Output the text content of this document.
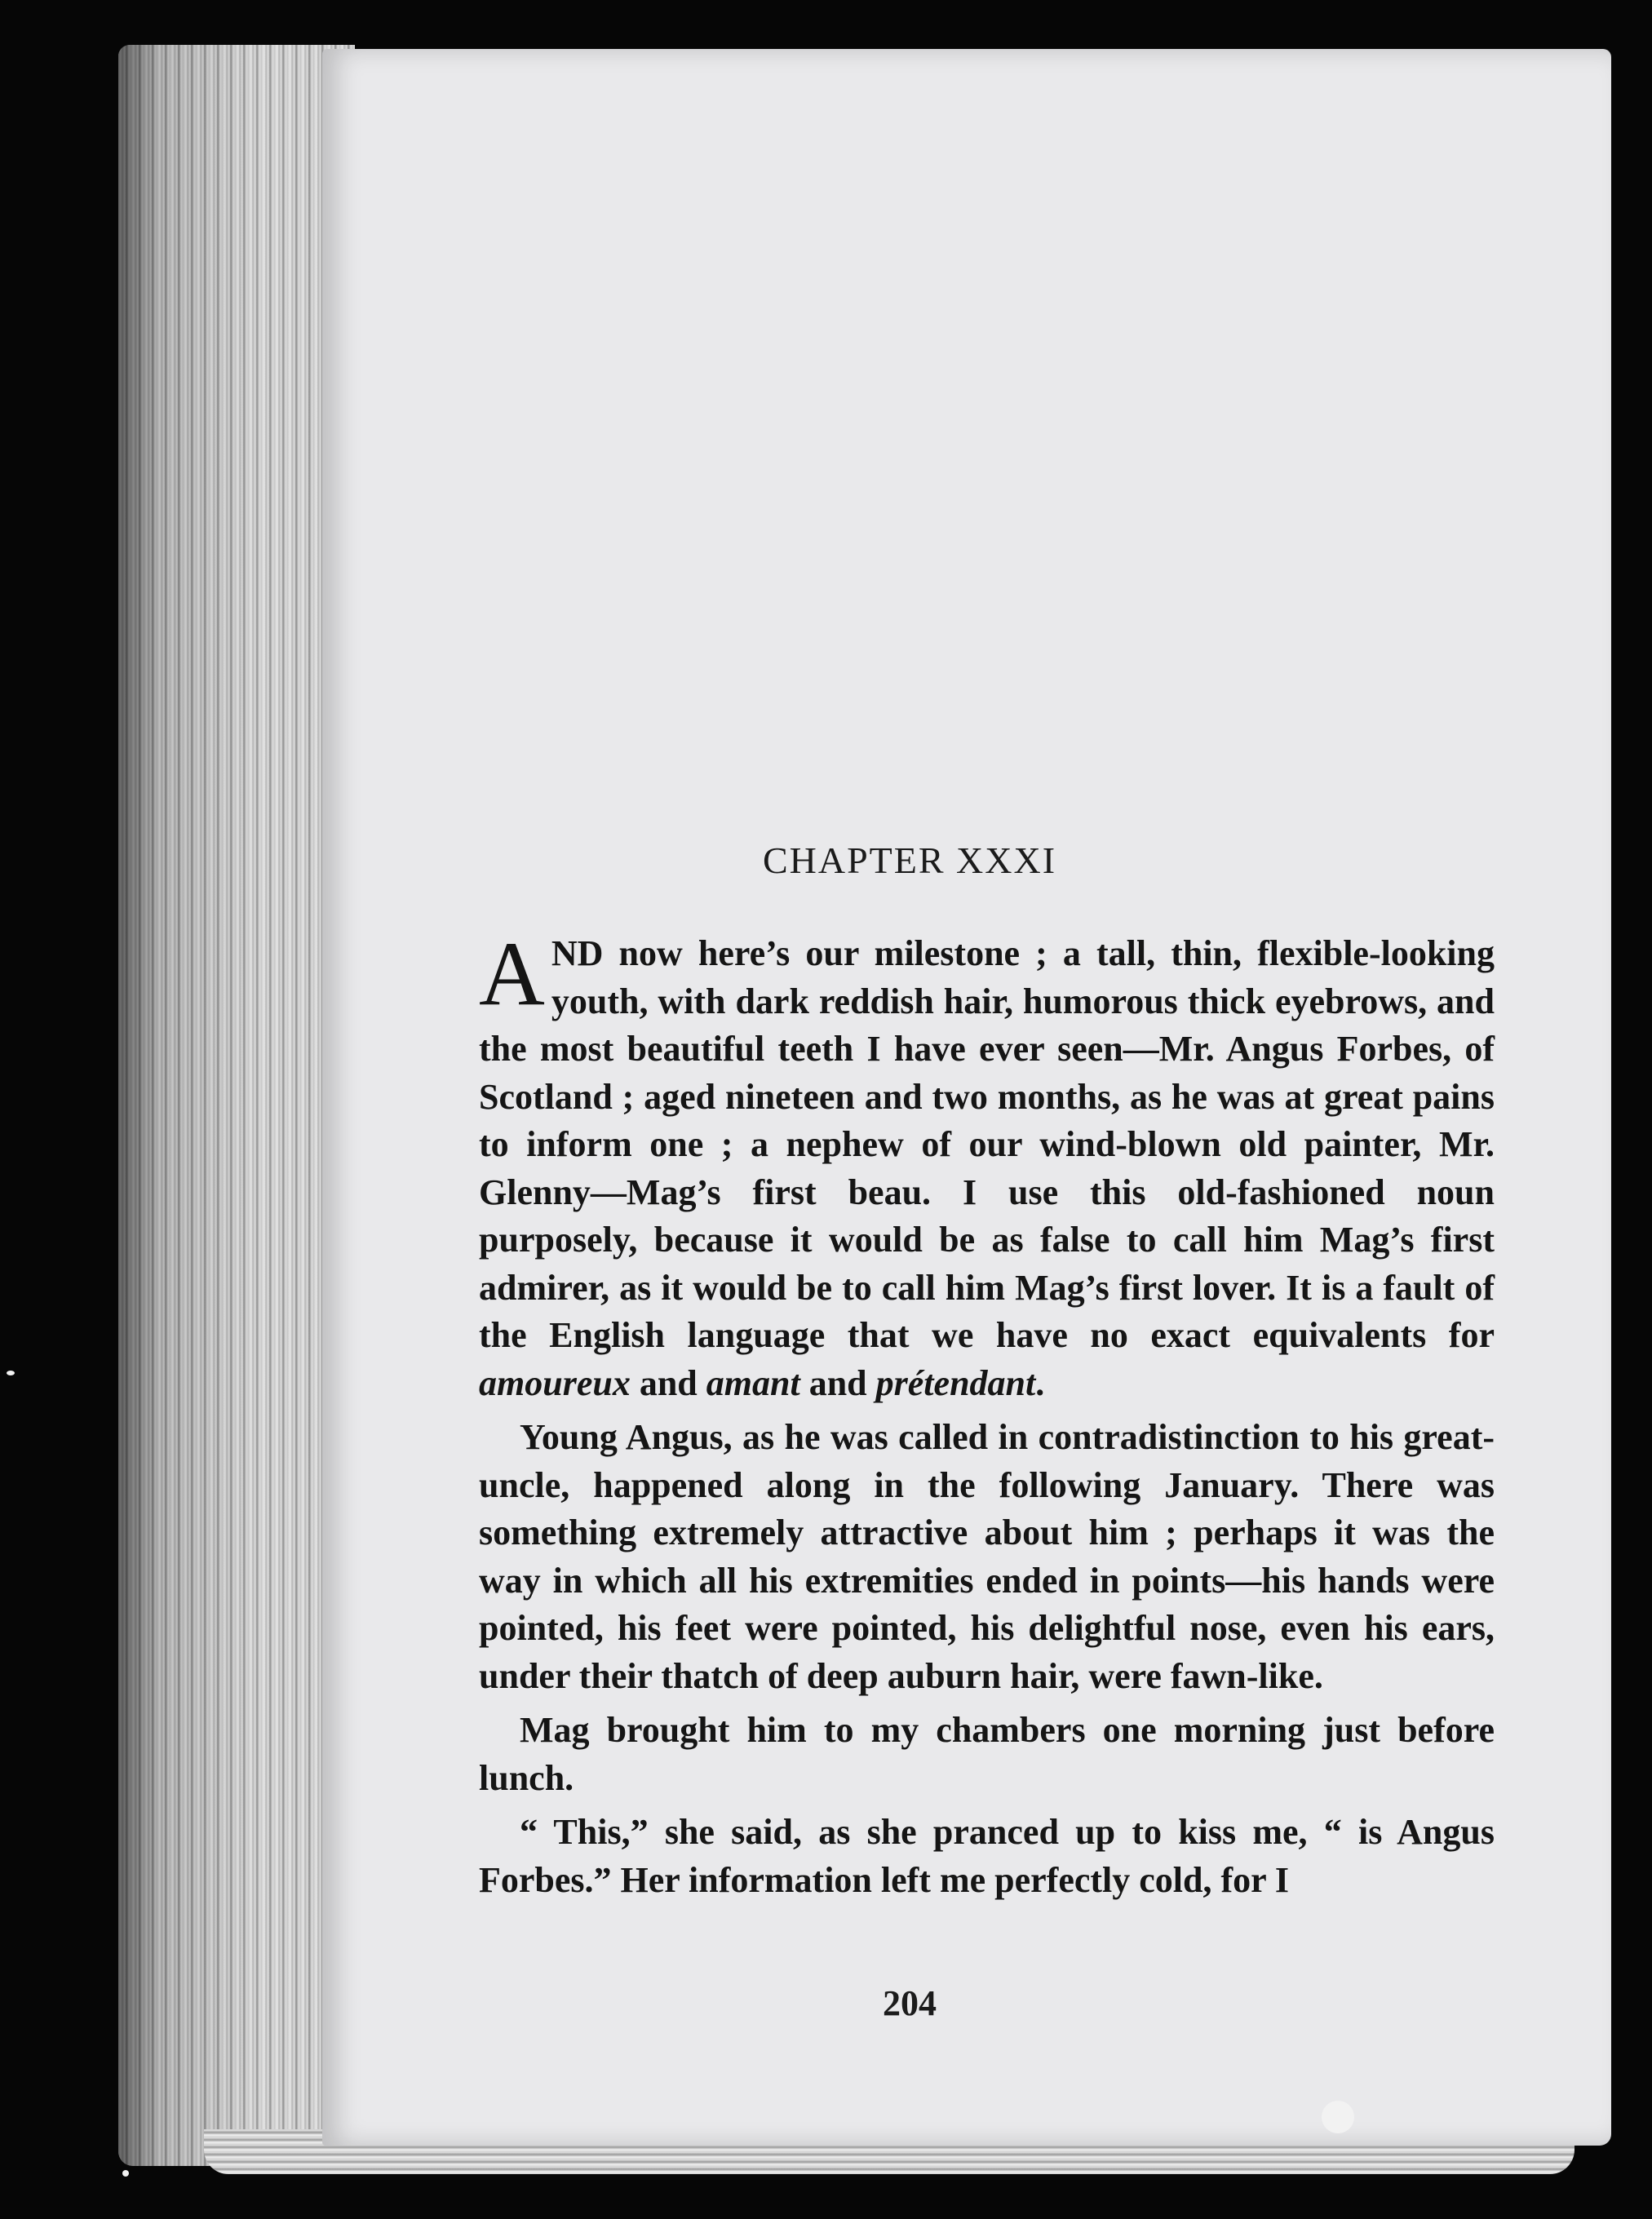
CHAPTER XXXI

AND now here’s our milestone ; a tall, thin, flexible-looking youth, with dark reddish hair, humorous thick eyebrows, and the most beautiful teeth I have ever seen—Mr. Angus Forbes, of Scotland ; aged nineteen and two months, as he was at great pains to inform one ; a nephew of our wind-blown old painter, Mr. Glenny—Mag’s first beau. I use this old-fashioned noun purposely, because it would be as false to call him Mag’s first admirer, as it would be to call him Mag’s first lover. It is a fault of the English language that we have no exact equivalents for amoureux and amant and prétendant.

Young Angus, as he was called in contradistinction to his great-uncle, happened along in the following January. There was something extremely attractive about him ; perhaps it was the way in which all his extremities ended in points—his hands were pointed, his feet were pointed, his delightful nose, even his ears, under their thatch of deep auburn hair, were fawn-like.

Mag brought him to my chambers one morning just before lunch.

“ This,” she said, as she pranced up to kiss me, “ is Angus Forbes.” Her information left me perfectly cold, for I

204
